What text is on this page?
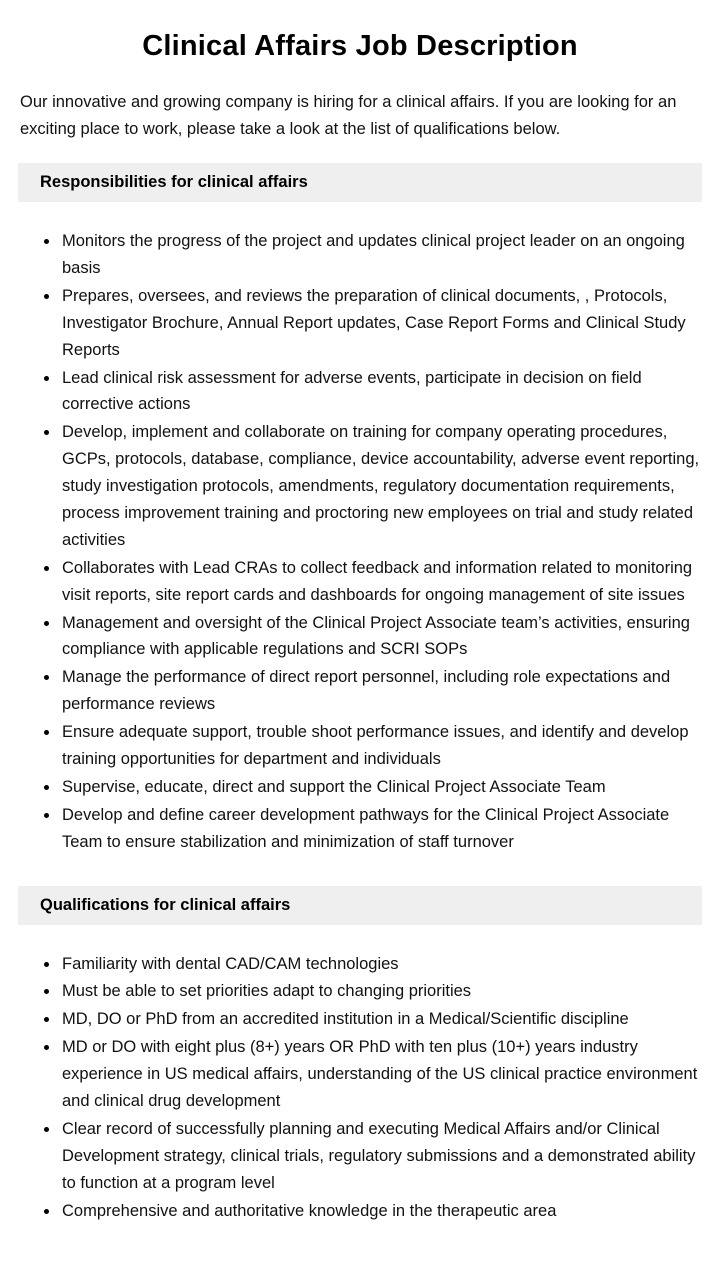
Clinical Affairs Job Description

Our innovative and growing company is hiring for a clinical affairs. If you are looking for an exciting place to work, please take a look at the list of qualifications below.

Responsibilities for clinical affairs
Monitors the progress of the project and updates clinical project leader on an ongoing basis
Prepares, oversees, and reviews the preparation of clinical documents, , Protocols, Investigator Brochure, Annual Report updates, Case Report Forms and Clinical Study Reports
Lead clinical risk assessment for adverse events, participate in decision on field corrective actions
Develop, implement and collaborate on training for company operating procedures, GCPs, protocols, database, compliance, device accountability, adverse event reporting, study investigation protocols, amendments, regulatory documentation requirements, process improvement training and proctoring new employees on trial and study related activities
Collaborates with Lead CRAs to collect feedback and information related to monitoring visit reports, site report cards and dashboards for ongoing management of site issues
Management and oversight of the Clinical Project Associate team’s activities, ensuring compliance with applicable regulations and SCRI SOPs
Manage the performance of direct report personnel, including role expectations and performance reviews
Ensure adequate support, trouble shoot performance issues, and identify and develop training opportunities for department and individuals
Supervise, educate, direct and support the Clinical Project Associate Team
Develop and define career development pathways for the Clinical Project Associate Team to ensure stabilization and minimization of staff turnover
Qualifications for clinical affairs
Familiarity with dental CAD/CAM technologies
Must be able to set priorities adapt to changing priorities
MD, DO or PhD from an accredited institution in a Medical/Scientific discipline
MD or DO with eight plus (8+) years OR PhD with ten plus (10+) years industry experience in US medical affairs, understanding of the US clinical practice environment and clinical drug development
Clear record of successfully planning and executing Medical Affairs and/or Clinical Development strategy, clinical trials, regulatory submissions and a demonstrated ability to function at a program level
Comprehensive and authoritative knowledge in the therapeutic area
